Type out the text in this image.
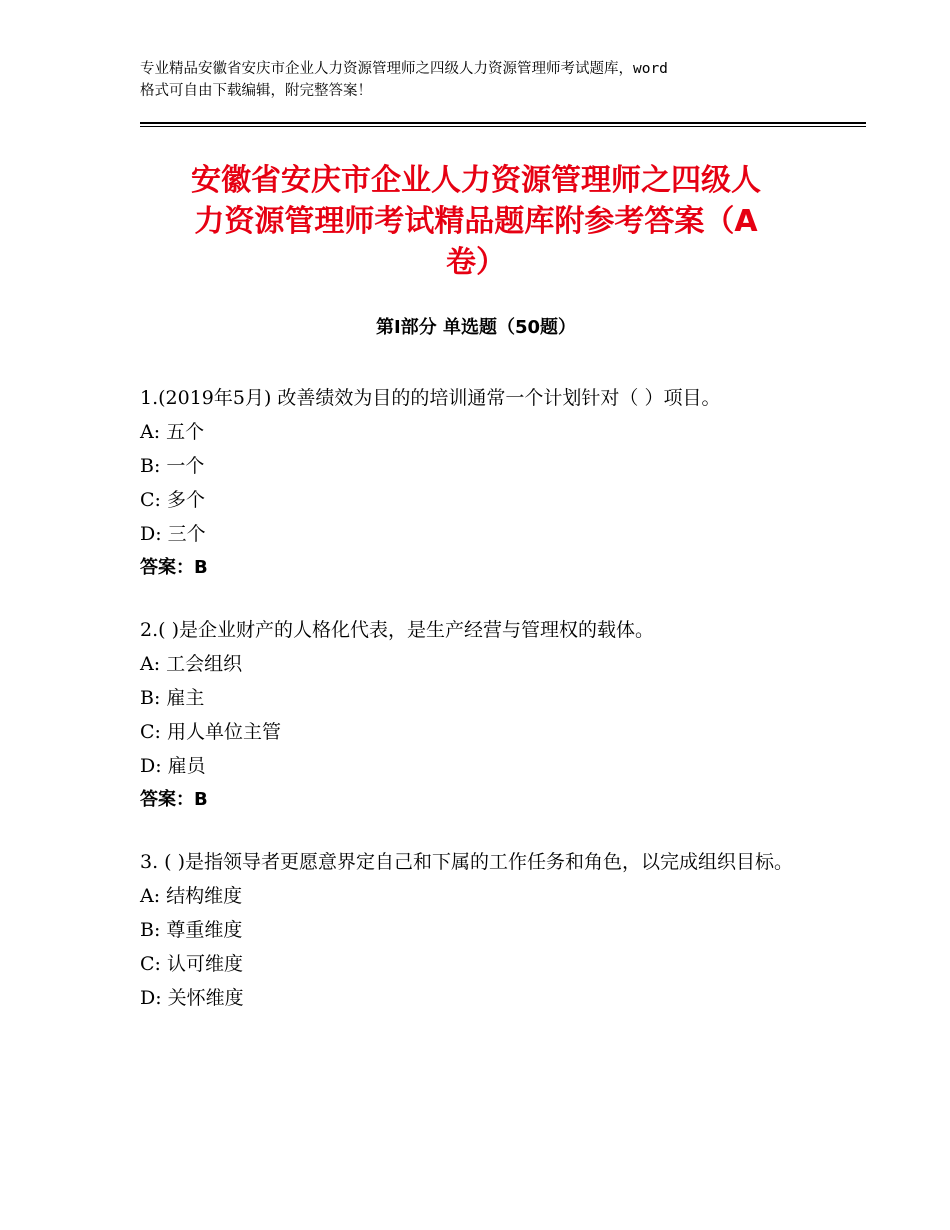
专业精品安徽省安庆市企业人力资源管理师之四级人力资源管理师考试题库，word
格式可自由下载编辑，附完整答案！
安徽省安庆市企业人力资源管理师之四级人
力资源管理师考试精品题库附参考答案（A
卷）
第Ⅰ部分 单选题（50题）

1.(2019年5月) 改善绩效为目的的培训通常一个计划针对（ ）项目。

A: 五个

B: 一个

C: 多个

D: 三个

答案：B

2.( )是企业财产的人格化代表，是生产经营与管理权的载体。

A: 工会组织

B: 雇主

C: 用人单位主管

D: 雇员

答案：B

3. ( )是指领导者更愿意界定自己和下属的工作任务和角色，以完成组织目标。

A: 结构维度

B: 尊重维度

C: 认可维度

D: 关怀维度
